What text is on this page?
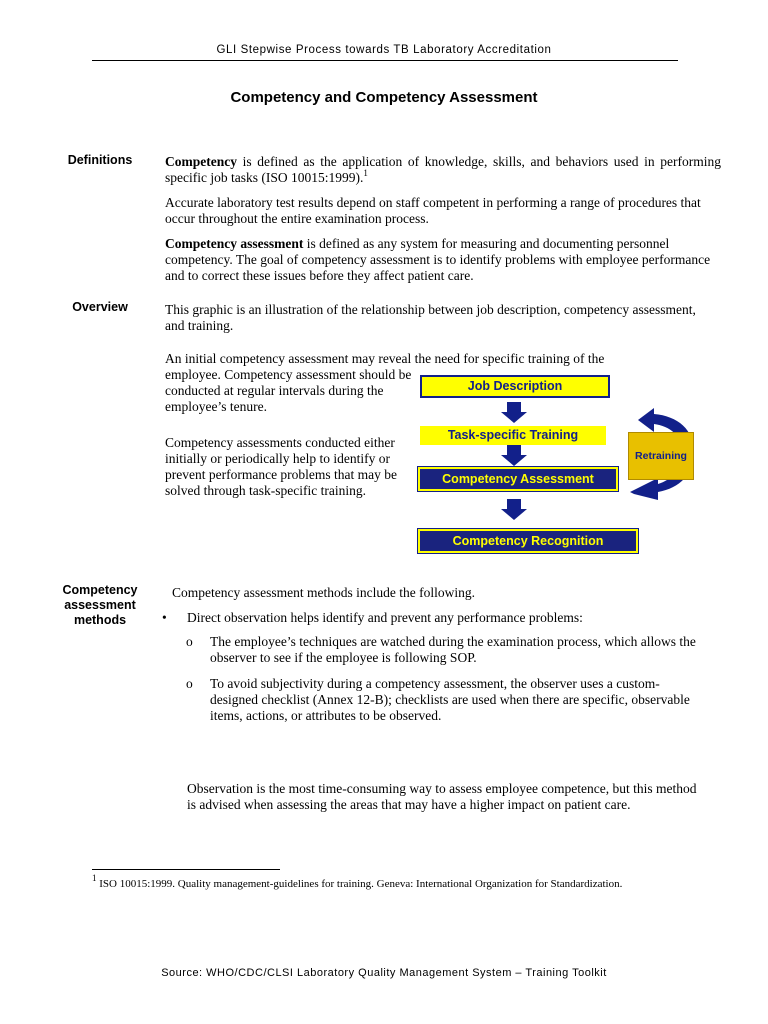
GLI Stepwise Process towards TB Laboratory Accreditation
Competency and Competency Assessment
Definitions	Competency is defined as the application of knowledge, skills, and behaviors used in performing specific job tasks (ISO 10015:1999).$^1$

Accurate laboratory test results depend on staff competent in performing a range of procedures that occur throughout the entire examination process.

Competency assessment is defined as any system for measuring and documenting personnel competency. The goal of competency assessment is to identify problems with employee performance and to correct these issues before they affect patient care.

Overview	This graphic is an illustration of the relationship between job description, competency assessment, and training.
An initial competency assessment may reveal the need for specific training of the
employee. Competency assessment should be conducted at regular intervals during the employee’s tenure.
Competency assessments conducted either initially or periodically help to identify or prevent performance problems that may be solved through task-specific training.
Job Description
Task-specific Training
Competency Assessment
Competency Recognition
Retraining
Competency assessment methods
Competency assessment methods include the following.
•	Direct observation helps identify and prevent any performance problems:
o	The employee’s techniques are watched during the examination process, which allows the observer to see if the employee is following SOP.
o	To avoid subjectivity during a competency assessment, the observer uses a custom-designed checklist (Annex 12-B); checklists are used when there are specific, observable items, actions, or attributes to be observed.
Observation is the most time-consuming way to assess employee competence, but this method is advised when assessing the areas that may have a higher impact on patient care.
$^1$ ISO 10015:1999. Quality management-guidelines for training. Geneva: International Organization for Standardization.
Source: WHO/CDC/CLSI Laboratory Quality Management System – Training Toolkit
